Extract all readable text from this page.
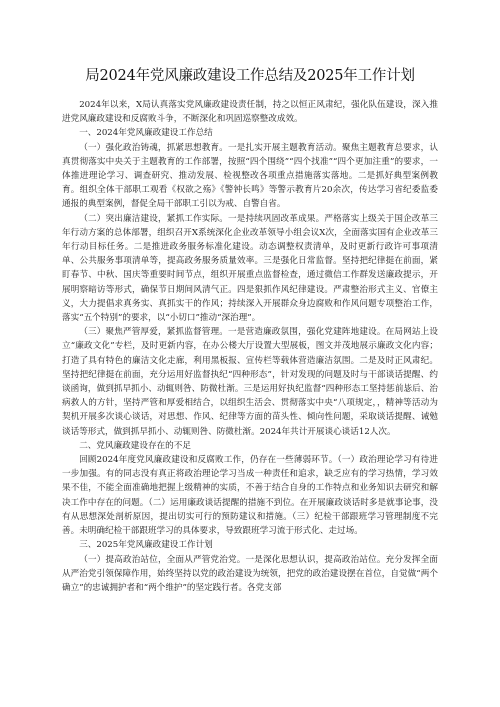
局2024年党风廉政建设工作总结及2025年工作计划

2024年以来，X局认真落实党风廉政建设责任制，持之以恒正风肃纪，强化队伍建设，深入推进党风廉政建设和反腐败斗争，不断深化和巩固巡察整改成效。

一、2024年党风廉政建设工作总结

（一）强化政治铸魂，抓紧思想教育。一是扎实开展主题教育活动。聚焦主题教育总要求，认真贯彻落实中央关于主题教育的工作部署，按照“四个围绕”“四个找准”“四个更加注重”的要求，一体推进理论学习、调查研究、推动发展、检视整改各项重点措施落实落地。二是抓好典型案例教育。组织全体干部职工观看《权欲之殇》《警钟长鸣》等警示教育片20余次，传达学习省纪委监委通报的典型案例，督促全局干部职工引以为戒、自警自省。

（二）突出廉洁建设，紧抓工作实际。一是持续巩固改革成果。严格落实上级关于国企改革三年行动方案的总体部署，组织召开X系统深化企业改革领导小组会议X次，全面落实国有企业改革三年行动目标任务。二是推进政务服务标准化建设。动态调整权责清单，及时更新行政许可事项清单、公共服务事项清单等，提高政务服务质量效率。三是强化日常监督。坚持把纪律挺在前面，紧盯春节、中秋、国庆等重要时间节点，组织开展重点监督检查，通过微信工作群发送廉政提示，开展明察暗访等形式，确保节日期间风清气正。四是狠抓作风纪律建设。严肃整治形式主义、官僚主义，大力提倡求真务实、真抓实干的作风；持续深入开展群众身边腐败和作风问题专项整治工作，落实“五个特别”的要求，以“小切口”推动“深治理”。

（三）聚焦严管厚爱，紧抓监督管理。一是营造廉政氛围，强化党建阵地建设。在局网站上设立“廉政文化”专栏，及时更新内容，在办公楼大厅设置大型展板，图文并茂地展示廉政文化内容；打造了具有特色的廉洁文化走廊，利用黑板报、宣传栏等载体营造廉洁氛围。二是及时正风肃纪。坚持把纪律挺在前面，充分运用好监督执纪“四种形态”，针对发现的问题及时与干部谈话提醒、约谈函询，做到抓早抓小、动辄则咎、防微杜渐。三是运用好执纪监督“四种形态工坚持惩前毖后、治病救人的方针，坚持严管和厚爱相结合，以组织生活会、贯彻落实中央“八项规定，，精神等活动为契机开展多次谈心谈话，对思想、作风、纪律等方面的苗头性、倾向性问题，采取谈话提醒、诫勉谈话等形式，做到抓早抓小、动辄则咎、防微杜渐。2024年共计开展谈心谈话12人次。

二、党风廉政建设存在的不足

回顾2024年度党风廉政建设和反腐败工作，仍存在一些薄弱环节。（一）政治理论学习有待进一步加强。有的同志没有真正将政治理论学习当成一种责任和追求，缺乏应有的学习热情，学习效果不佳，不能全面准确地把握上级精神的实质，不善于结合自身的工作特点和业务知识去研究和解决工作中存在的问题。（二）运用廉政谈话提醒的措施不到位。在开展廉政谈话时多是就事论事，没有从思想深处剖析原因，提出切实可行的预防建议和措施。（三）纪检干部跟班学习管理制度不完善。未明确纪检干部跟班学习的具体要求，导致跟班学习流于形式化、走过场。

三、2025年党风廉政建设工作计划

（一）提高政治站位，全面从严管党治党。一是深化思想认识，提高政治站位。充分发挥全面从严治党引领保障作用，始终坚持以党的政治建设为统领，把党的政治建设摆在首位，自觉做“两个确立”的忠诚拥护者和“两个维护”的坚定践行者。各党支部
